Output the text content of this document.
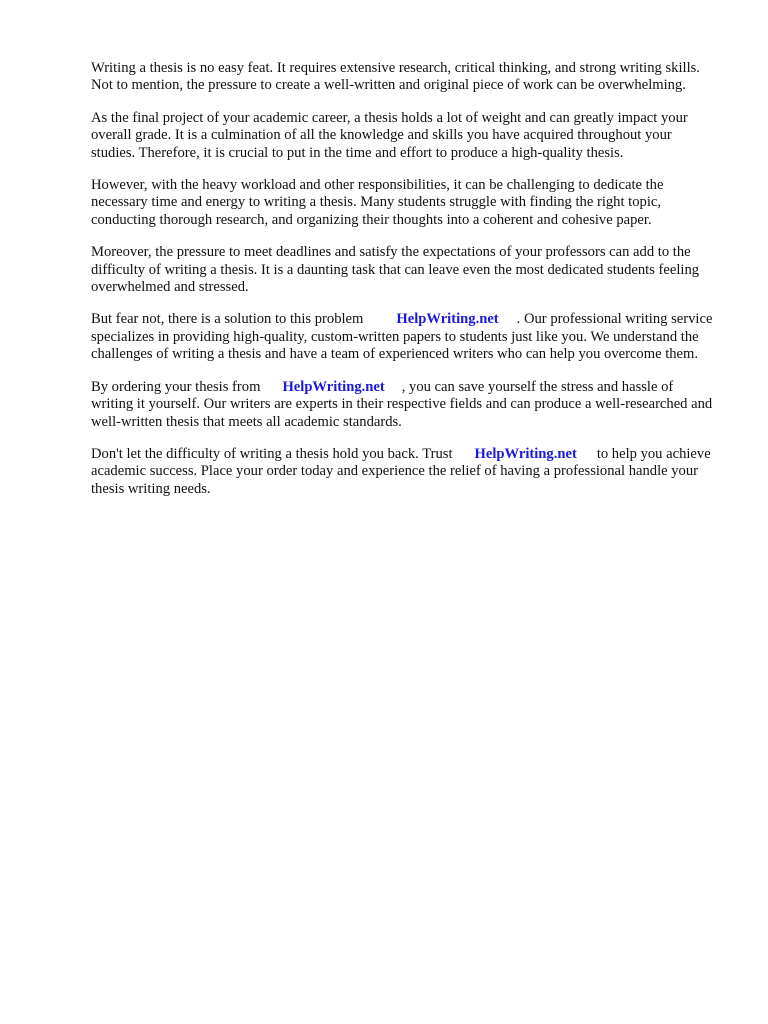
Writing a thesis is no easy feat. It requires extensive research, critical thinking, and strong writing skills. Not to mention, the pressure to create a well-written and original piece of work can be overwhelming.

As the final project of your academic career, a thesis holds a lot of weight and can greatly impact your overall grade. It is a culmination of all the knowledge and skills you have acquired throughout your studies. Therefore, it is crucial to put in the time and effort to produce a high-quality thesis.

However, with the heavy workload and other responsibilities, it can be challenging to dedicate the necessary time and energy to writing a thesis. Many students struggle with finding the right topic, conducting thorough research, and organizing their thoughts into a coherent and cohesive paper.

Moreover, the pressure to meet deadlines and satisfy the expectations of your professors can add to the difficulty of writing a thesis. It is a daunting task that can leave even the most dedicated students feeling overwhelmed and stressed.

But fear not, there is a solution to this problem HelpWriting.net . Our professional writing service specializes in providing high-quality, custom-written papers to students just like you. We understand the challenges of writing a thesis and have a team of experienced writers who can help you overcome them.

By ordering your thesis from HelpWriting.net , you can save yourself the stress and hassle of writing it yourself. Our writers are experts in their respective fields and can produce a well-researched and well-written thesis that meets all academic standards.

Don't let the difficulty of writing a thesis hold you back. Trust HelpWriting.net to help you achieve academic success. Place your order today and experience the relief of having a professional handle your thesis writing needs.
